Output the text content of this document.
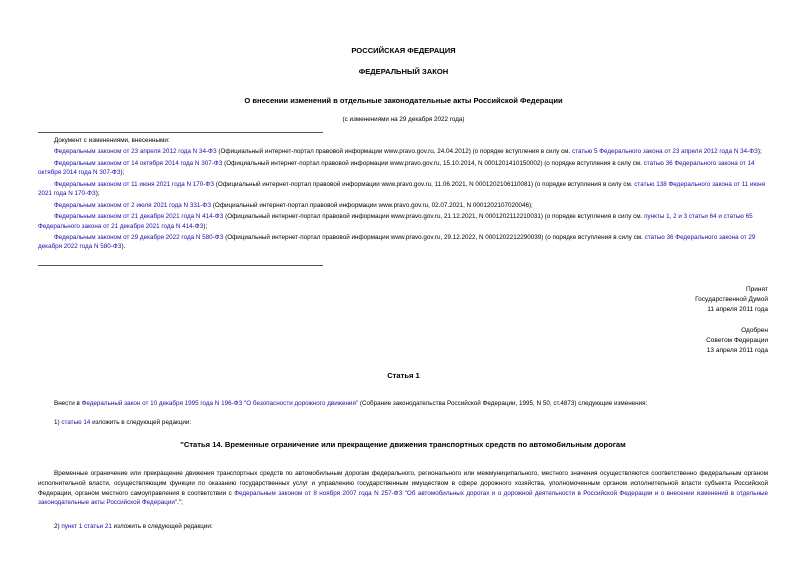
РОССИЙСКАЯ ФЕДЕРАЦИЯ
ФЕДЕРАЛЬНЫЙ ЗАКОН
О внесении изменений в отдельные законодательные акты Российской Федерации
(с изменениями на 29 декабря 2022 года)

Документ с изменениями, внесенными:

Федеральным законом от 23 апреля 2012 года N 34-ФЗ (Официальный интернет-портал правовой информации www.pravo.gov.ru, 24.04.2012) (о порядке вступления в силу см. статью 5 Федерального закона от 23 апреля 2012 года N 34-ФЗ);

Федеральным законом от 14 октября 2014 года N 307-ФЗ (Официальный интернет-портал правовой информации www.pravo.gov.ru, 15.10.2014, N 0001201410150002) (о порядке вступления в силу см. статью 36 Федерального закона от 14 октября 2014 года N 307-ФЗ);

Федеральным законом от 11 июня 2021 года N 170-ФЗ (Официальный интернет-портал правовой информации www.pravo.gov.ru, 11.06.2021, N 0001202106110081) (о порядке вступления в силу см. статью 138 Федерального закона от 11 июня 2021 года N 170-ФЗ);

Федеральным законом от 2 июля 2021 года N 331-ФЗ (Официальный интернет-портал правовой информации www.pravo.gov.ru, 02.07.2021, N 0001202107020046);

Федеральным законом от 21 декабря 2021 года N 414-ФЗ (Официальный интернет-портал правовой информации www.pravo.gov.ru, 21.12.2021, N 0001202112210031) (о порядке вступления в силу см. пункты 1, 2 и 3 статьи 64 и статью 65 Федерального закона от 21 декабря 2021 года N 414-ФЗ);

Федеральным законом от 29 декабря 2022 года N 580-ФЗ (Официальный интернет-портал правовой информации www.pravo.gov.ru, 29.12.2022, N 0001202212290039) (о порядке вступления в силу см. статью 36 Федерального закона от 29 декабря 2022 года N 580-ФЗ).

Принят
Государственной Думой
11 апреля 2011 года
Одобрен
Советом Федерации
13 апреля 2011 года
Статья 1

Внести в Федеральный закон от 10 декабря 1995 года N 196-ФЗ "О безопасности дорожного движения" (Собрание законодательства Российской Федерации, 1995, N 50, ст.4873) следующие изменения:

1) статью 14 изложить в следующей редакции:

"Статья 14. Временные ограничение или прекращение движения транспортных средств по автомобильным дорогам

Временные ограничение или прекращение движения транспортных средств по автомобильным дорогам федерального, регионального или межмуниципального, местного значения осуществляются соответственно федеральным органом исполнительной власти, осуществляющим функции по оказанию государственных услуг и управлению государственным имуществом в сфере дорожного хозяйства, уполномоченным органом исполнительной власти субъекта Российской Федерации, органом местного самоуправления в соответствии с Федеральным законом от 8 ноября 2007 года N 257-ФЗ "Об автомобильных дорогах и о дорожной деятельности в Российской Федерации и о внесении изменений в отдельные законодательные акты Российской Федерации".";

2) пункт 1 статьи 21 изложить в следующей редакции:
